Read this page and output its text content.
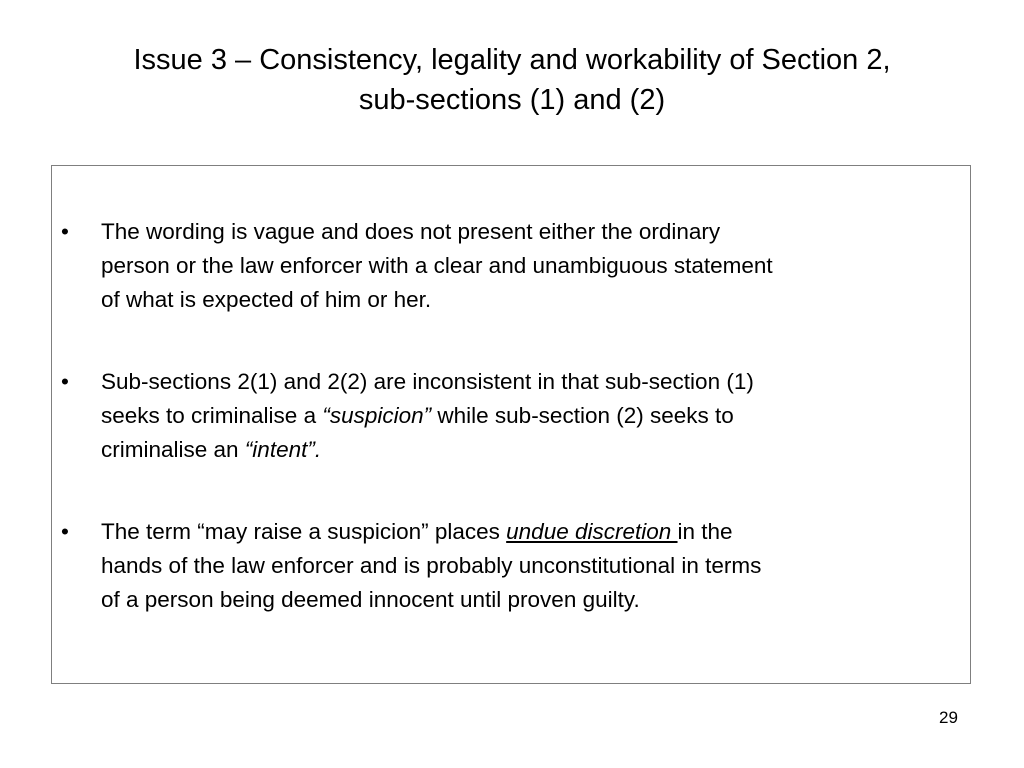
Issue 3 – Consistency, legality and workability of Section 2,
sub-sections (1) and (2)
• The wording is vague and does not present either the ordinary
person or the law enforcer with a clear and unambiguous statement
of what is expected of him or her.
• Sub-sections 2(1) and 2(2) are inconsistent in that sub-section (1)
seeks to criminalise a “suspicion” while sub-section (2) seeks to
criminalise an “intent”.
• The term “may raise a suspicion” places undue discretion in the
hands of the law enforcer and is probably unconstitutional in terms
of a person being deemed innocent until proven guilty.
29
